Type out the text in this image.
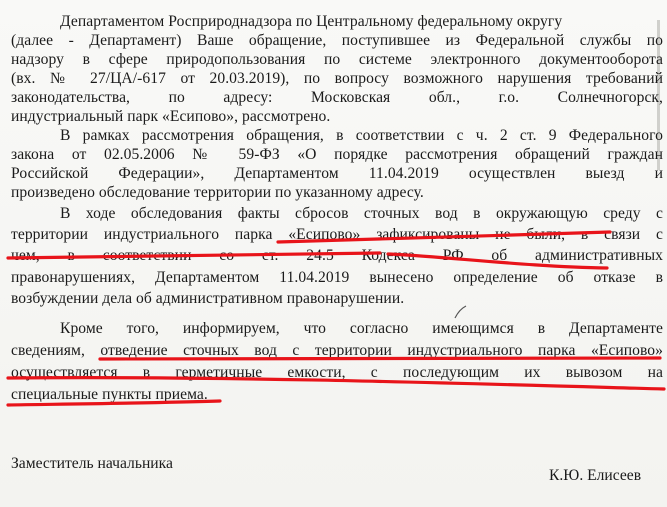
Департаментом Росприроднадзора по Центральному федеральному округу
(далее - Департамент) Ваше обращение, поступившее из Федеральной службы по
надзору в сфере природопользования по системе электронного документооборота
(вх. № 27/ЦА/-617 от 20.03.2019), по вопросу возможного нарушения требований
законодательства, по адресу: Московская обл., г.о. Солнечногорск,
индустриальный парк «Есипово», рассмотрено.
В рамках рассмотрения обращения, в соответствии с ч. 2 ст. 9 Федерального
закона от 02.05.2006 № 59-ФЗ «О порядке рассмотрения обращений граждан
Российской Федерации», Департаментом 11.04.2019 осуществлен выезд и
произведено обследование территории по указанному адресу.
В ходе обследования факты сбросов сточных вод в окружающую среду с
территории индустриального парка «Есипово» зафиксированы не были, в связи с
чем, в соответствии со ст. 24.5 Кодекса РФ об административных
правонарушениях, Департаментом 11.04.2019 вынесено определение об отказе в
возбуждении дела об административном правонарушении.
Кроме того, информируем, что согласно имеющимся в Департаменте
сведениям, отведение сточных вод с территории индустриального парка «Есипово»
осуществляется в герметичные емкости, с последующим их вывозом на
специальные пункты приема.
Заместитель начальника
К.Ю. Елисеев
